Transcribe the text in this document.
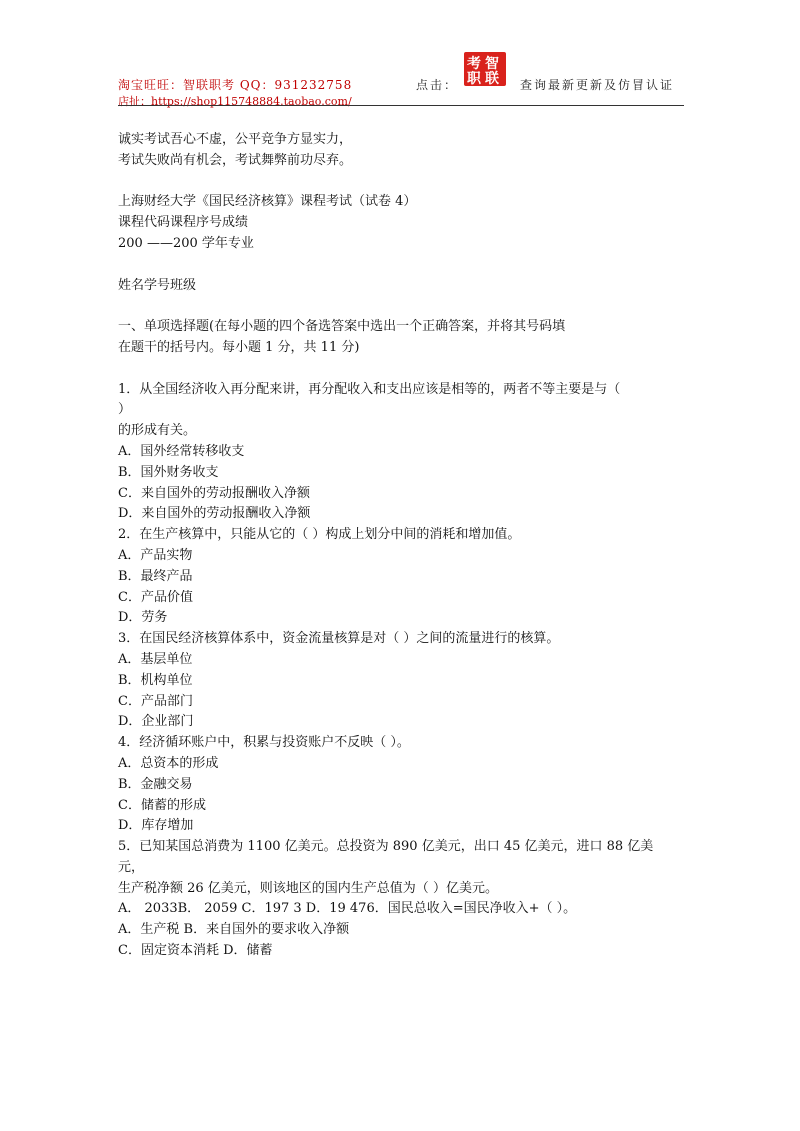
淘宝旺旺：智联职考 QQ：931232758
店扯：https://shop115748884.taobao.com/
点击：
考 智
职 联 查询最新更新及仿冒认证

诚实考试吾心不虚，公平竞争方显实力，

考试失败尚有机会，考试舞弊前功尽弃。

上海财经大学《国民经济核算》课程考试（试卷 4）

课程代码课程序号成绩

200 ——200 学年专业

姓名学号班级

一、单项选择题(在每小题的四个备选答案中选出一个正确答案，并将其号码填

在题干的括号内。每小题 1 分，共 11 分)

1．从全国经济收入再分配来讲，再分配收入和支出应该是相等的，两者不等主要是与（

）

的形成有关。

A．国外经常转移收支

B．国外财务收支

C．来自国外的劳动报酬收入净额

D．来自国外的劳动报酬收入净额

2．在生产核算中，只能从它的（ ）构成上划分中间的消耗和增加值。

A．产品实物

B．最终产品

C．产品价值

D．劳务

3．在国民经济核算体系中，资金流量核算是对（ ）之间的流量进行的核算。

A．基层单位

B．机构单位

C．产品部门

D．企业部门

4．经济循环账户中，积累与投资账户不反映（ ）。

A．总资本的形成

B．金融交易

C．储蓄的形成

D．库存增加

5．已知某国总消费为 1100 亿美元。总投资为 890 亿美元，出口 45 亿美元，进口 88 亿美

元，

生产税净额 26 亿美元，则该地区的国内生产总值为（ ）亿美元。

A． 2033B． 2059 C．197 3 D．19 476．国民总收入=国民净收入+（ ）。

A．生产税 B．来自国外的要求收入净额

C．固定资本消耗 D．储蓄
